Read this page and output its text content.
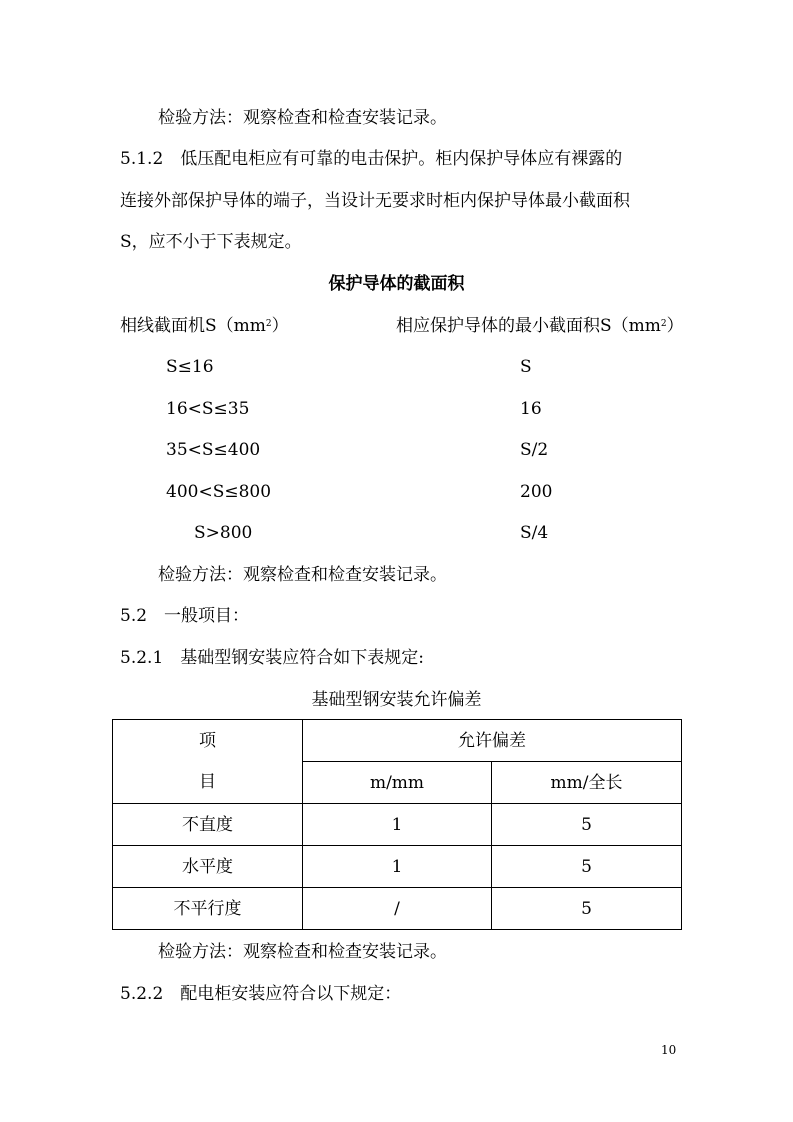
检验方法：观察检查和检查安装记录。
5.1.2　低压配电柜应有可靠的电击保护。柜内保护导体应有裸露的
连接外部保护导体的端子，当设计无要求时柜内保护导体最小截面积
S，应不小于下表规定。
保护导体的截面积
相线截面机$S(mm^2)$	相应保护导体的最小截面积$S(mm^2)$
S≤16	S
16<S≤35	16
35<S≤400	S/2
400<S≤800	200
S>800	S/4
检验方法：观察检查和检查安装记录。
5.2　一般项目：
5.2.1　基础型钢安装应符合如下表规定:
基础型钢安装允许偏差
项	允许偏差	
目	m/mm	mm/全长
不直度	1	5
水平度	1	5
不平行度	/	5
检验方法：观察检查和检查安装记录。
5.2.2　配电柜安装应符合以下规定：
10
